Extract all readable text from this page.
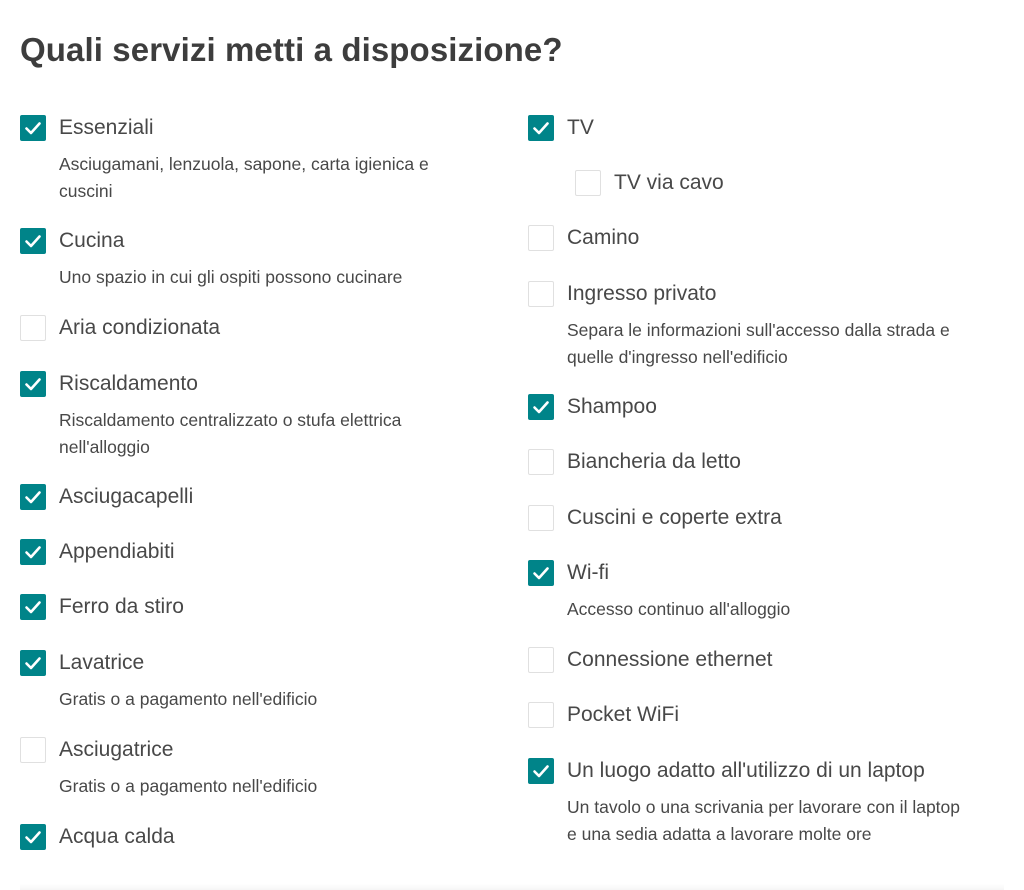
Quali servizi metti a disposizione?
Essenziali
Asciugamani, lenzuola, sapone, carta igienica e cuscini
Cucina
Uno spazio in cui gli ospiti possono cucinare
Aria condizionata
Riscaldamento
Riscaldamento centralizzato o stufa elettrica nell'alloggio
Asciugacapelli
Appendiabiti
Ferro da stiro
Lavatrice
Gratis o a pagamento nell'edificio
Asciugatrice
Gratis o a pagamento nell'edificio
Acqua calda
TV
TV via cavo
Camino
Ingresso privato
Separa le informazioni sull'accesso dalla strada e quelle d'ingresso nell'edificio
Shampoo
Biancheria da letto
Cuscini e coperte extra
Wi-fi
Accesso continuo all'alloggio
Connessione ethernet
Pocket WiFi
Un luogo adatto all'utilizzo di un laptop
Un tavolo o una scrivania per lavorare con il laptop e una sedia adatta a lavorare molte ore
